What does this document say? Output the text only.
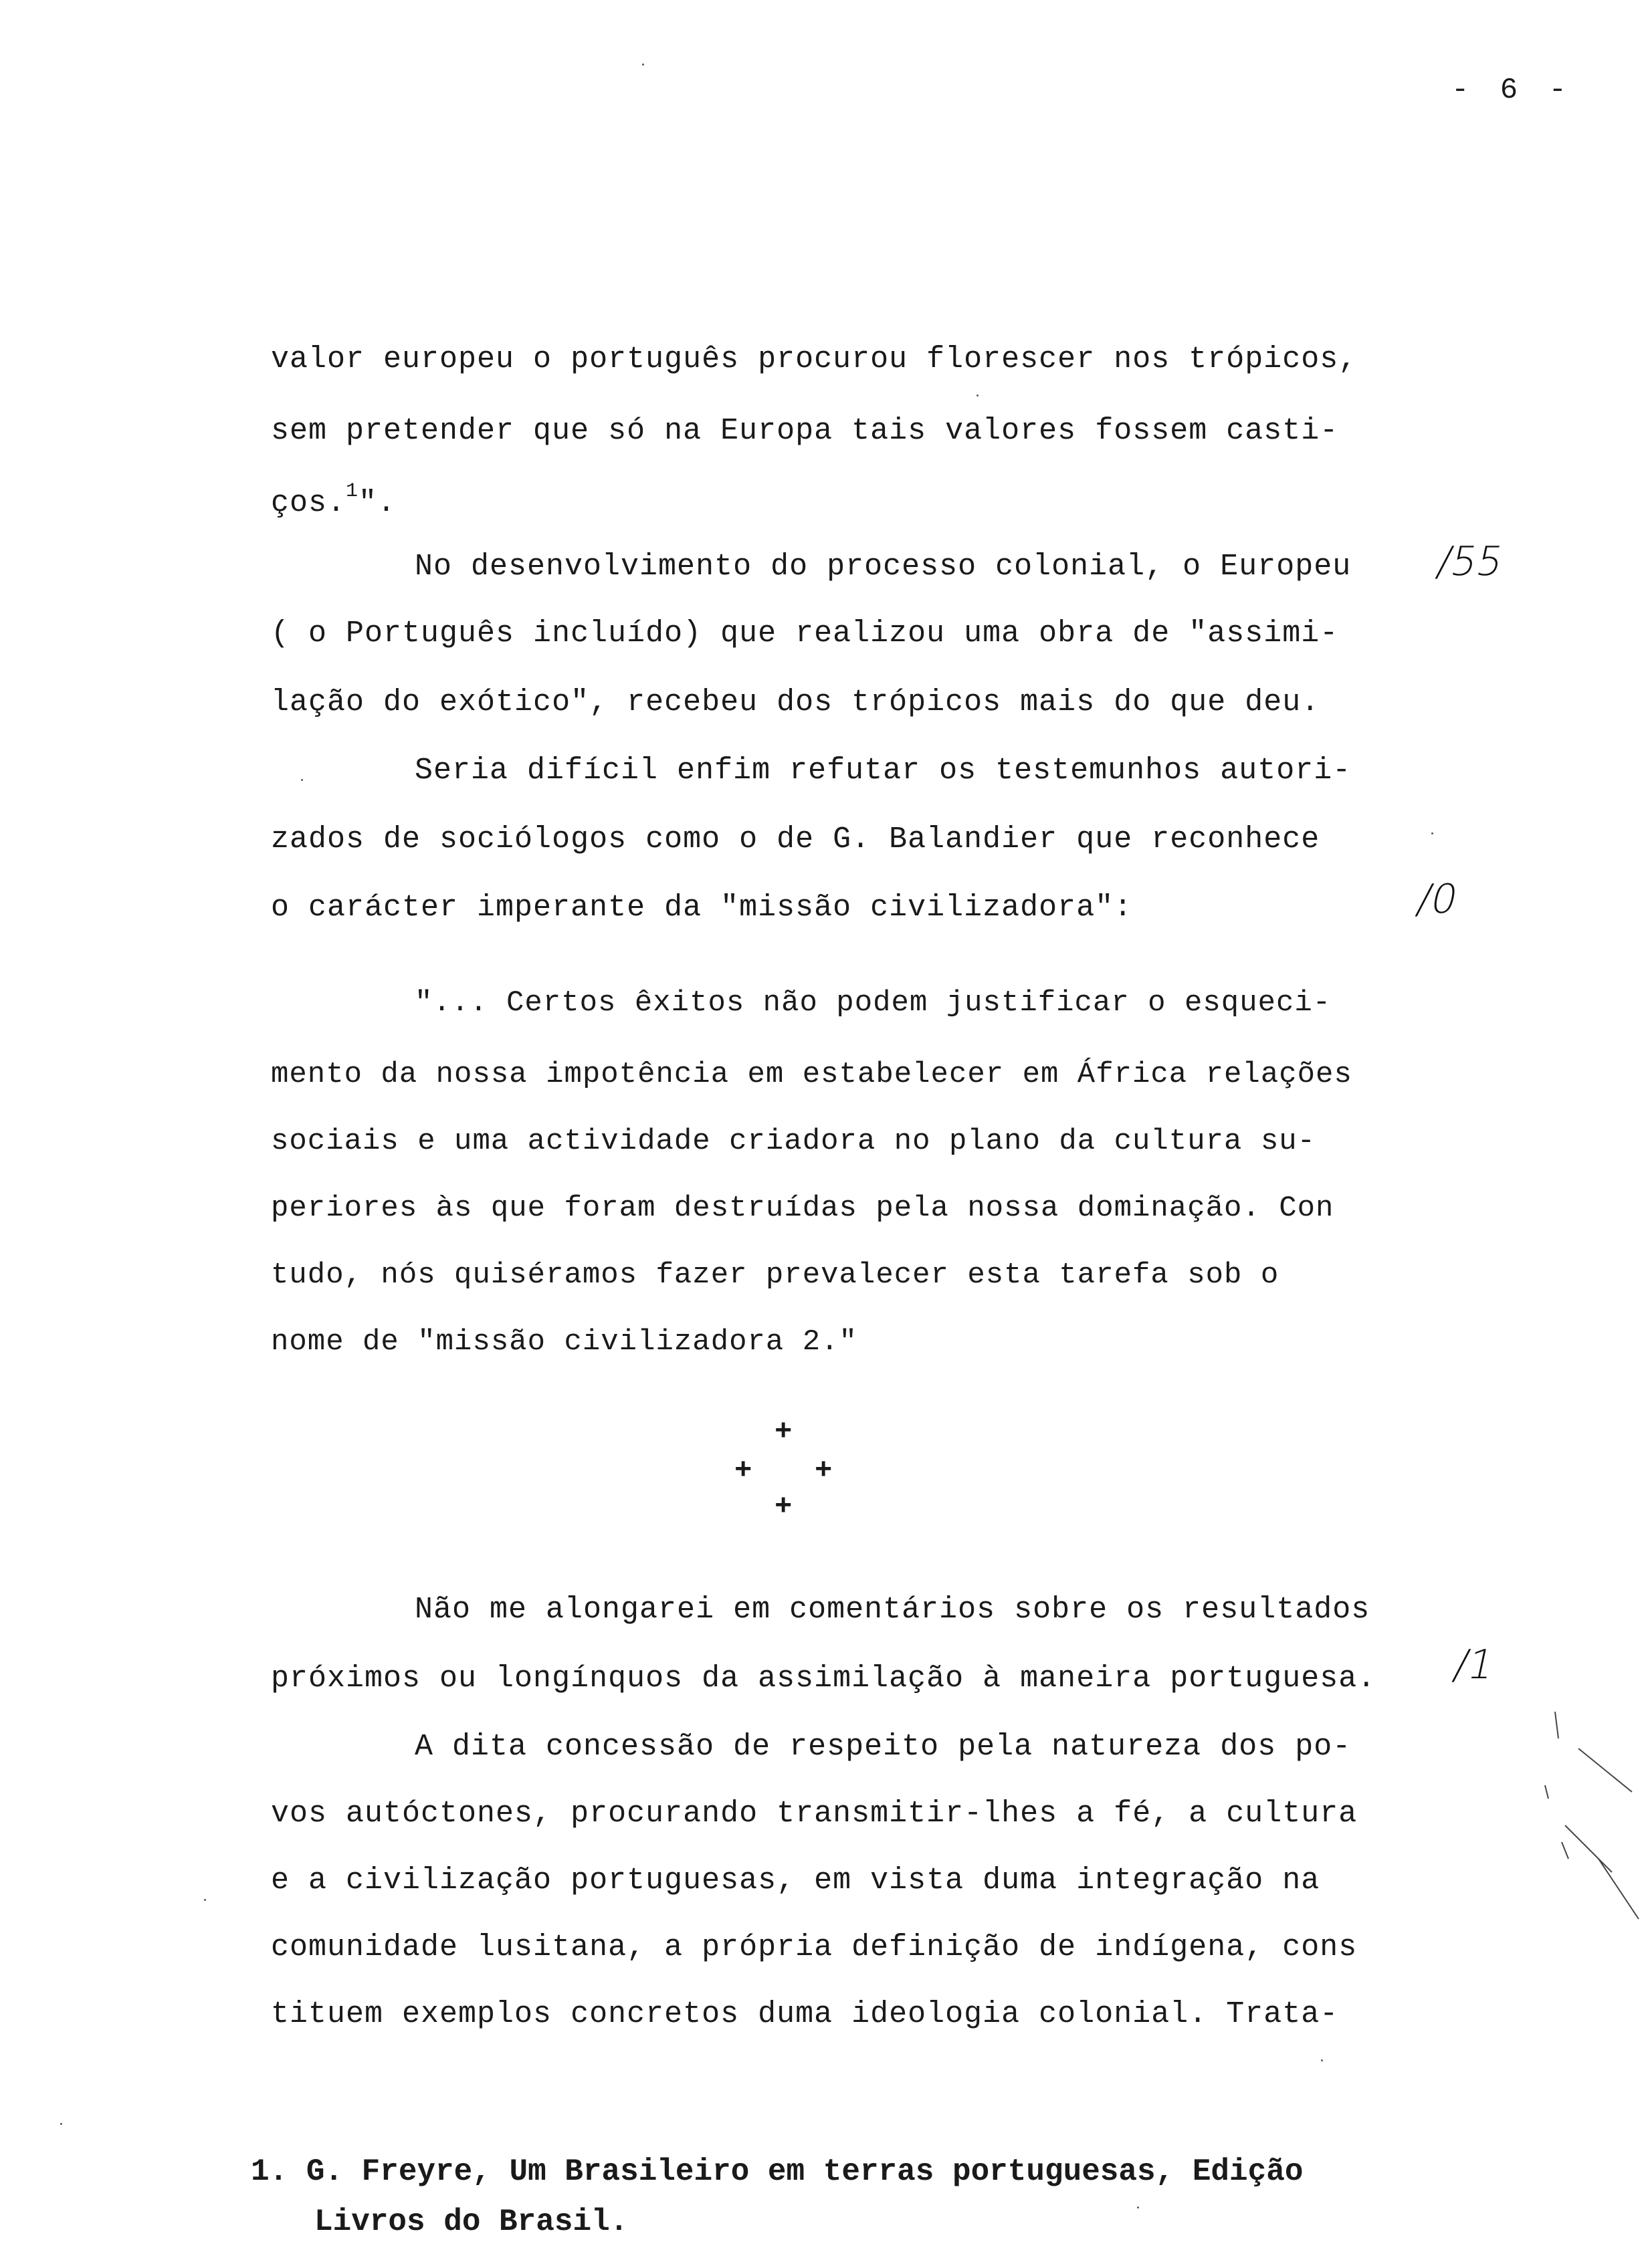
- 6 -
valor europeu o português procurou florescer nos trópicos,
sem pretender que só na Europa tais valores fossem casti-
ços.$^1$".
No desenvolvimento do processo colonial, o Europeu /55
( o Português incluído) que realizou uma obra de "assimi-
lação do exótico", recebeu dos trópicos mais do que deu.
Seria difícil enfim refutar os testemunhos autori-
zados de sociólogos como o de G. Balandier que reconhece
o carácter imperante da "missão civilizadora":	/0
"... Certos êxitos não podem justificar o esqueci-
mento da nossa impotência em estabelecer em África relações
sociais e uma actividade criadora no plano da cultura su-
periores às que foram destruídas pela nossa dominação. Con
tudo, nós quiséramos fazer prevalecer esta tarefa sob o
nome de "missão civilizadora 2."
+
+ +
+
Não me alongarei em comentários sobre os resultados
próximos ou longínquos da assimilação à maneira portuguesa. /1
A dita concessão de respeito pela natureza dos po-
vos autóctones, procurando transmitir-lhes a fé, a cultura
e a civilização portuguesas, em vista duma integração na
comunidade lusitana, a própria definição de indígena, cons
tituem exemplos concretos duma ideologia colonial. Trata-
1. G. Freyre, Um Brasileiro em terras portuguesas, Edição
Livros do Brasil.
